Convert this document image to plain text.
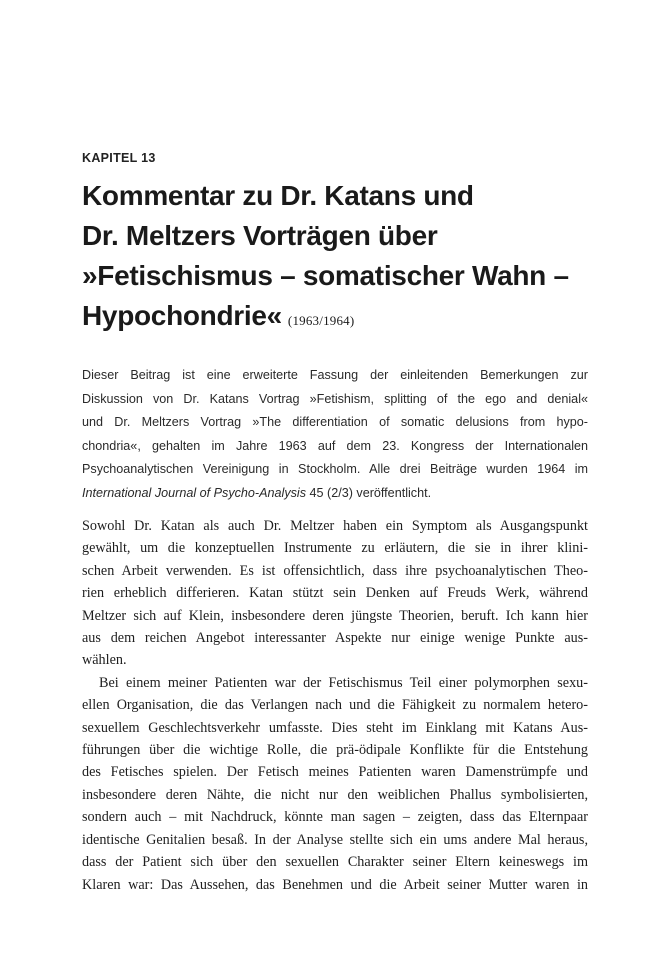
KAPITEL 13
Kommentar zu Dr. Katans und
Dr. Meltzers Vorträgen über
»Fetischismus – somatischer Wahn –
Hypochondrie« (1963/1964)
Dieser Beitrag ist eine erweiterte Fassung der einleitenden Bemerkungen zur
Diskussion von Dr. Katans Vortrag »Fetishism, splitting of the ego and denial«
und Dr. Meltzers Vortrag »The differentiation of somatic delusions from hypo-
chondria«, gehalten im Jahre 1963 auf dem 23. Kongress der Internationalen
Psychoanalytischen Vereinigung in Stockholm. Alle drei Beiträge wurden 1964 im
International Journal of Psycho-Analysis 45 (2/3) veröffentlicht.
Sowohl Dr. Katan als auch Dr. Meltzer haben ein Symptom als Ausgangspunkt
gewählt, um die konzeptuellen Instrumente zu erläutern, die sie in ihrer klini-
schen Arbeit verwenden. Es ist offensichtlich, dass ihre psychoanalytischen Theo-
rien erheblich differieren. Katan stützt sein Denken auf Freuds Werk, während
Meltzer sich auf Klein, insbesondere deren jüngste Theorien, beruft. Ich kann hier
aus dem reichen Angebot interessanter Aspekte nur einige wenige Punkte aus-
wählen.
Bei einem meiner Patienten war der Fetischismus Teil einer polymorphen sexu-
ellen Organisation, die das Verlangen nach und die Fähigkeit zu normalem hetero-
sexuellem Geschlechtsverkehr umfasste. Dies steht im Einklang mit Katans Aus-
führungen über die wichtige Rolle, die prä-ödipale Konflikte für die Entstehung
des Fetisches spielen. Der Fetisch meines Patienten waren Damenstrümpfe und
insbesondere deren Nähte, die nicht nur den weiblichen Phallus symbolisierten,
sondern auch – mit Nachdruck, könnte man sagen – zeigten, dass das Elternpaar
identische Genitalien besaß. In der Analyse stellte sich ein ums andere Mal heraus,
dass der Patient sich über den sexuellen Charakter seiner Eltern keineswegs im
Klaren war: Das Aussehen, das Benehmen und die Arbeit seiner Mutter waren in
